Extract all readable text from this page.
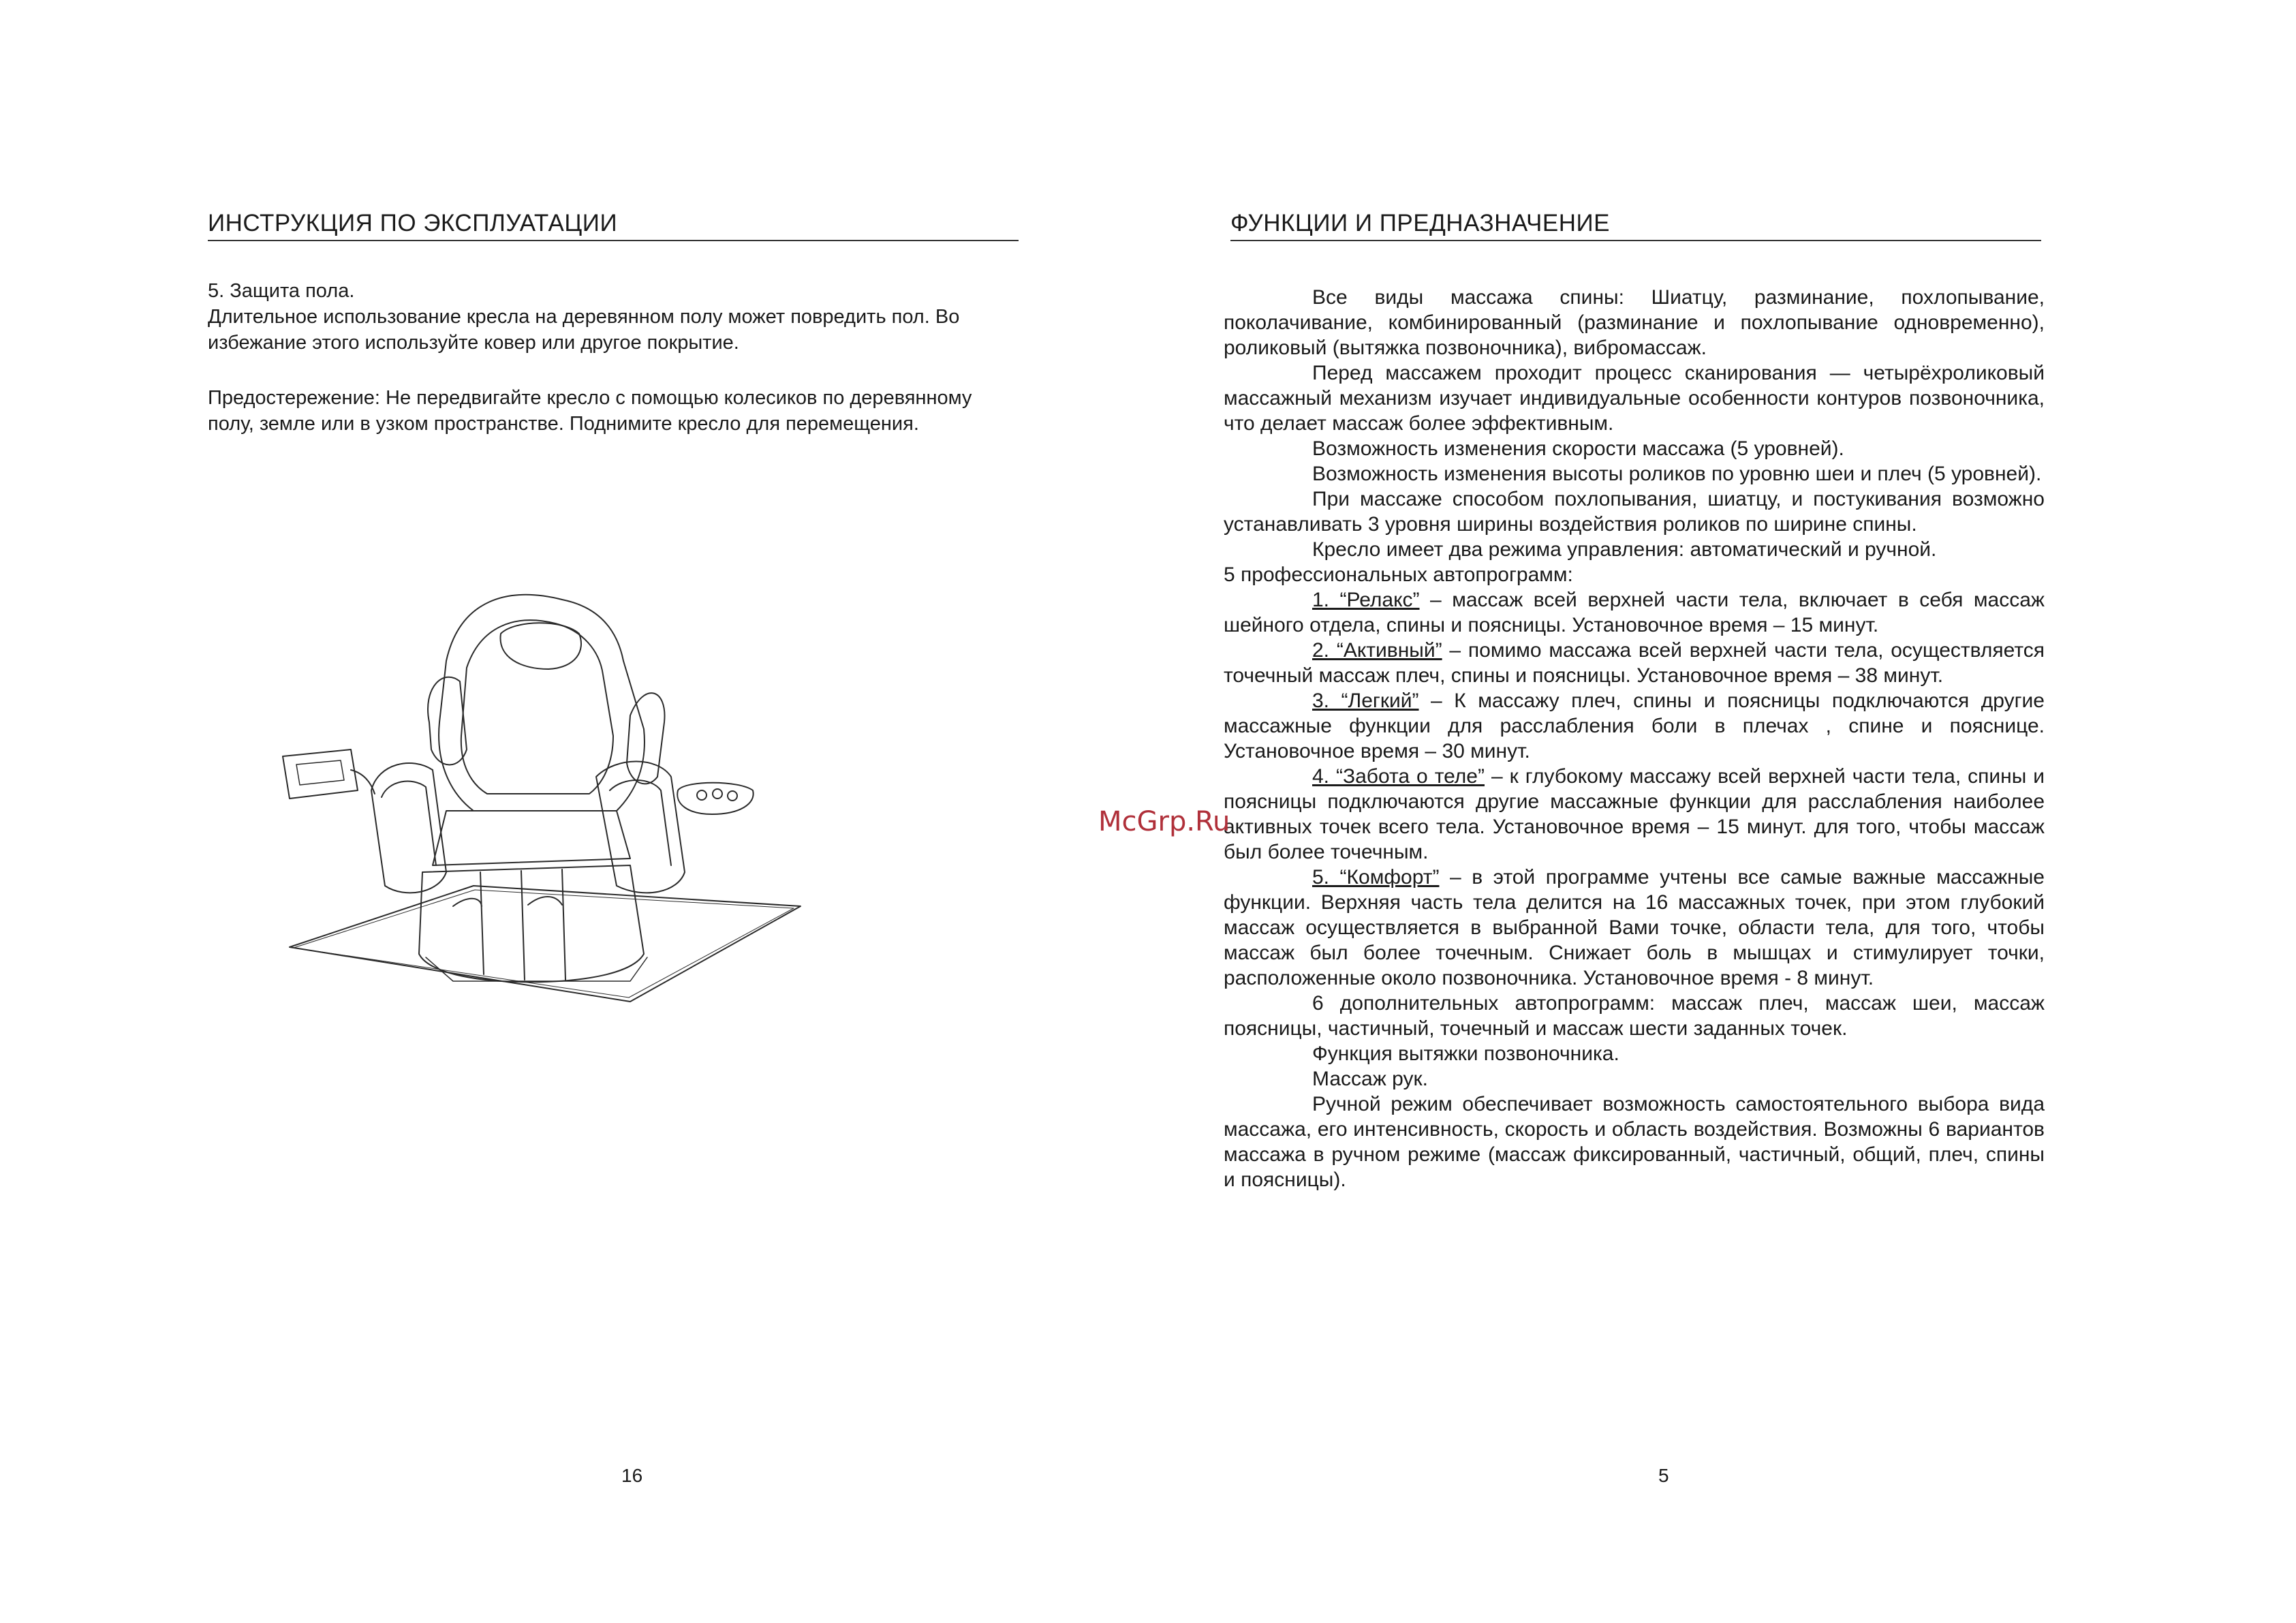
ИНСТРУКЦИЯ ПО ЭКСПЛУАТАЦИИ
5. Защита пола.
Длительное использование кресла на деревянном полу может повредить пол. Во избежание этого используйте ковер или другое покрытие.
Предостережение: Не передвигайте кресло с помощью колесиков по деревянному полу, земле или в узком пространстве. Поднимите кресло для перемещения.
16
ФУНКЦИИ И ПРЕДНАЗНАЧЕНИЕ

Все виды массажа спины: Шиатцу, разминание, похлопывание, поколачивание, комбинированный (разминание и похлопывание одновременно), роликовый (вытяжка позвоночника), вибромассаж.

Перед массажем проходит процесс сканирования — четырёхроликовый массажный механизм изучает индивидуальные особенности контуров позвоночника, что делает массаж более эффективным.

Возможность изменения скорости массажа (5 уровней).

Возможность изменения высоты роликов по уровню шеи и плеч (5 уровней).

При массаже способом похлопывания, шиатцу, и постукивания возможно устанавливать 3 уровня ширины воздействия роликов по ширине спины.

Кресло имеет два режима управления: автоматический и ручной.

5 профессиональных автопрограмм:

1. “Релакс” – массаж всей верхней части тела, включает в себя массаж шейного отдела, спины и поясницы. Установочное время – 15 минут.

2. “Активный” – помимо массажа всей верхней части тела, осуществляется точечный массаж плеч, спины и поясницы. Установочное время – 38 минут.

3. “Легкий” – К массажу плеч, спины и поясницы подключаются другие массажные функции для расслабления боли в плечах , спине и пояснице. Установочное время – 30 минут.

4. “Забота о теле” – к глубокому массажу всей верхней части тела, спины и поясницы подключаются другие массажные функции для расслабления наиболее активных точек всего тела. Установочное время – 15 минут. для того, чтобы массаж был более точечным.

5. “Комфорт” – в этой программе учтены все самые важные массажные функции. Верхняя часть тела делится на 16 массажных точек, при этом глубокий массаж осуществляется в выбранной Вами точке, области тела, для того, чтобы массаж был более точечным. Снижает боль в мышцах и стимулирует точки, расположенные около позвоночника. Установочное время - 8 минут.

6 дополнительных автопрограмм: массаж плеч, массаж шеи, массаж поясницы, частичный, точечный и массаж шести заданных точек.

Функция вытяжки позвоночника.

Массаж рук.

Ручной режим обеспечивает возможность самостоятельного выбора вида массажа, его интенсивность, скорость и область воздействия. Возможны 6 вариантов массажа в ручном режиме (массаж фиксированный, частичный, общий, плеч, спины и поясницы).

5
McGrp.Ru
